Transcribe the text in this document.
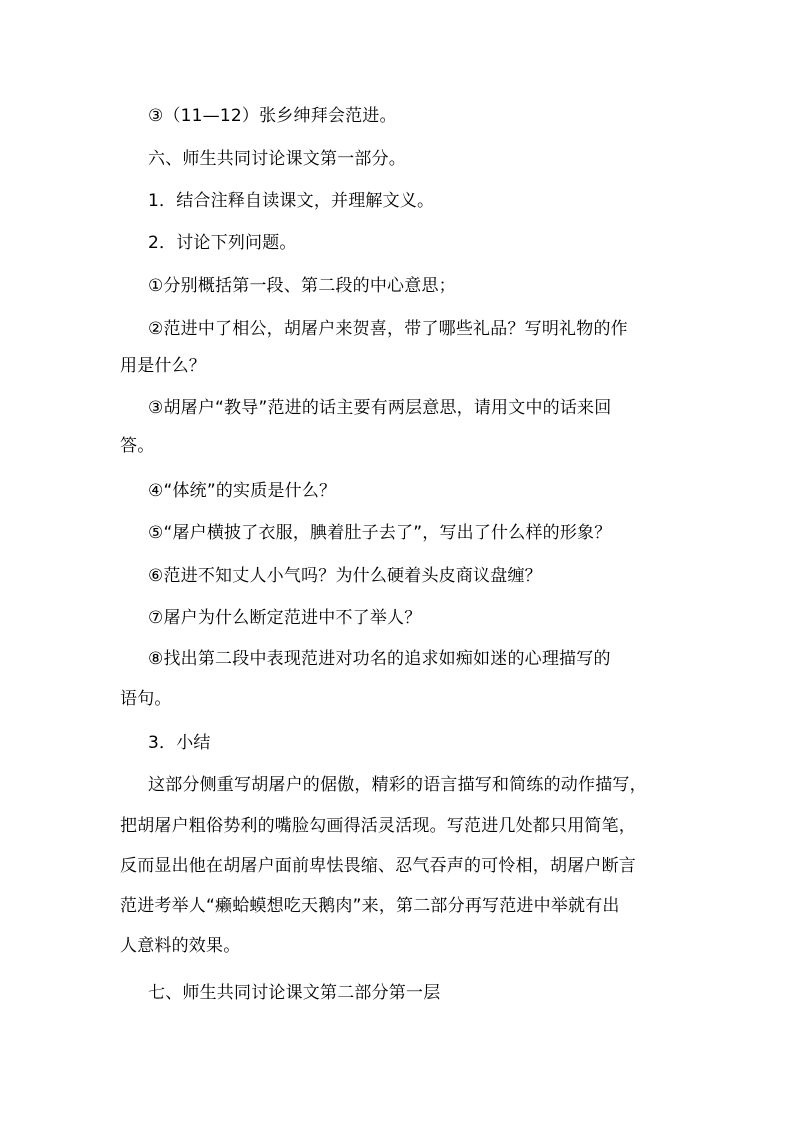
③（11—12）张乡绅拜会范进。
六、师生共同讨论课文第一部分。
1．结合注释自读课文，并理解文义。
2．讨论下列问题。
①分别概括第一段、第二段的中心意思；
②范进中了相公，胡屠户来贺喜，带了哪些礼品？写明礼物的作
用是什么？
③胡屠户“教导”范进的话主要有两层意思，请用文中的话来回
答。
④“体统”的实质是什么？
⑤“屠户横披了衣服，腆着肚子去了”，写出了什么样的形象？
⑥范进不知丈人小气吗？为什么硬着头皮商议盘缠？
⑦屠户为什么断定范进中不了举人？
⑧找出第二段中表现范进对功名的追求如痴如迷的心理描写的
语句。
3．小结
这部分侧重写胡屠户的倨傲，精彩的语言描写和简练的动作描写，
把胡屠户粗俗势利的嘴脸勾画得活灵活现。写范进几处都只用简笔，
反而显出他在胡屠户面前卑怯畏缩、忍气吞声的可怜相，胡屠户断言
范进考举人“癞蛤蟆想吃天鹅肉”来，第二部分再写范进中举就有出
人意料的效果。
七、师生共同讨论课文第二部分第一层
